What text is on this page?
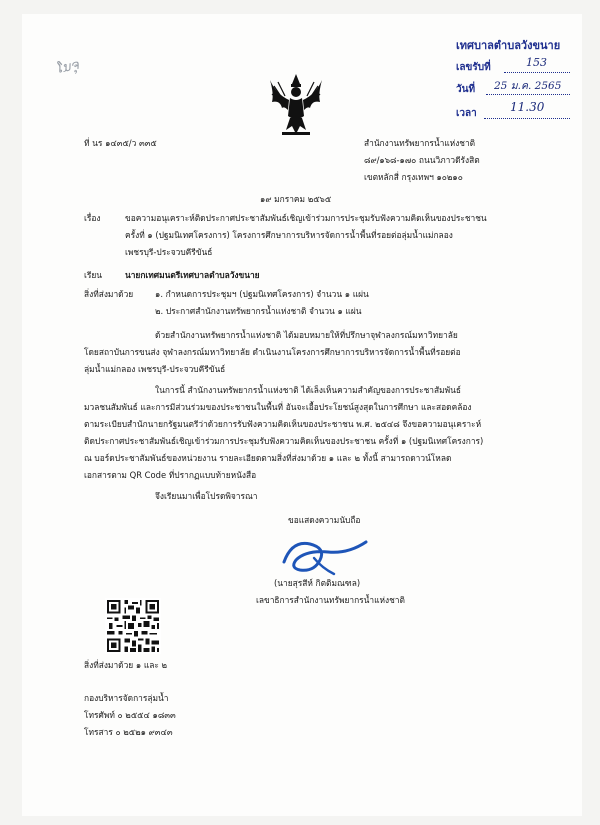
ໂນຈຸ
เทศบาลตำบลวังขนาย
เลขรับที่	153
วันที่ 25 ม.ค. 2565
เวลา	11.30
ที่ นร ๑๔๓๕/ว ๓๓๕	สำนักงานทรัพยากรน้ำแห่งชาติ
๘๙/๑๖๘-๑๗๐ ถนนวิภาวดีรังสิต
เขตหลักสี่ กรุงเทพฯ ๑๐๒๑๐
๑๙ มกราคม ๒๕๖๕
เรื่อง	ขอความอนุเคราะห์ติดประกาศประชาสัมพันธ์เชิญเข้าร่วมการประชุมรับฟังความคิดเห็นของประชาชน
ครั้งที่ ๑ (ปฐมนิเทศโครงการ) โครงการศึกษาการบริหารจัดการน้ำพื้นที่รอยต่อลุ่มน้ำแม่กลอง
เพชรบุรี-ประจวบคีรีขันธ์
เรียน	นายกเทศมนตรีเทศบาลตำบลวังขนาย
สิ่งที่ส่งมาด้วย	๑. กำหนดการประชุมฯ (ปฐมนิเทศโครงการ) จำนวน ๑ แผ่น
๒. ประกาศสำนักงานทรัพยากรน้ำแห่งชาติ จำนวน ๑ แผ่น
ด้วยสำนักงานทรัพยากรน้ำแห่งชาติ ได้มอบหมายให้ที่ปรึกษาจุฬาลงกรณ์มหาวิทยาลัย
โดยสถาบันการขนส่ง จุฬาลงกรณ์มหาวิทยาลัย ดำเนินงานโครงการศึกษาการบริหารจัดการน้ำพื้นที่รอยต่อ
ลุ่มน้ำแม่กลอง เพชรบุรี-ประจวบคีรีขันธ์
ในการนี้ สำนักงานทรัพยากรน้ำแห่งชาติ ได้เล็งเห็นความสำคัญของการประชาสัมพันธ์
มวลชนสัมพันธ์ และการมีส่วนร่วมของประชาชนในพื้นที่ อันจะเอื้อประโยชน์สูงสุดในการศึกษา และสอดคล้อง
ตามระเบียบสำนักนายกรัฐมนตรีว่าด้วยการรับฟังความคิดเห็นของประชาชน พ.ศ. ๒๕๔๘ จึงขอความอนุเคราะห์
ติดประกาศประชาสัมพันธ์เชิญเข้าร่วมการประชุมรับฟังความคิดเห็นของประชาชน ครั้งที่ ๑ (ปฐมนิเทศโครงการ)
ณ บอร์ดประชาสัมพันธ์ของหน่วยงาน รายละเอียดตามสิ่งที่ส่งมาด้วย ๑ และ ๒ ทั้งนี้ สามารถดาวน์โหลด
เอกสารตาม QR Code ที่ปรากฏแบบท้ายหนังสือ
จึงเรียนมาเพื่อโปรดพิจารณา
ขอแสดงความนับถือ
(นายสุรสีห์ กิตติมณฑล)
เลขาธิการสำนักงานทรัพยากรน้ำแห่งชาติ
สิ่งที่ส่งมาด้วย ๑ และ ๒
กองบริหารจัดการลุ่มน้ำ
โทรศัพท์ ๐ ๒๕๕๔ ๑๘๓๓
โทรสาร ๐ ๒๕๒๑ ๙๓๔๓
